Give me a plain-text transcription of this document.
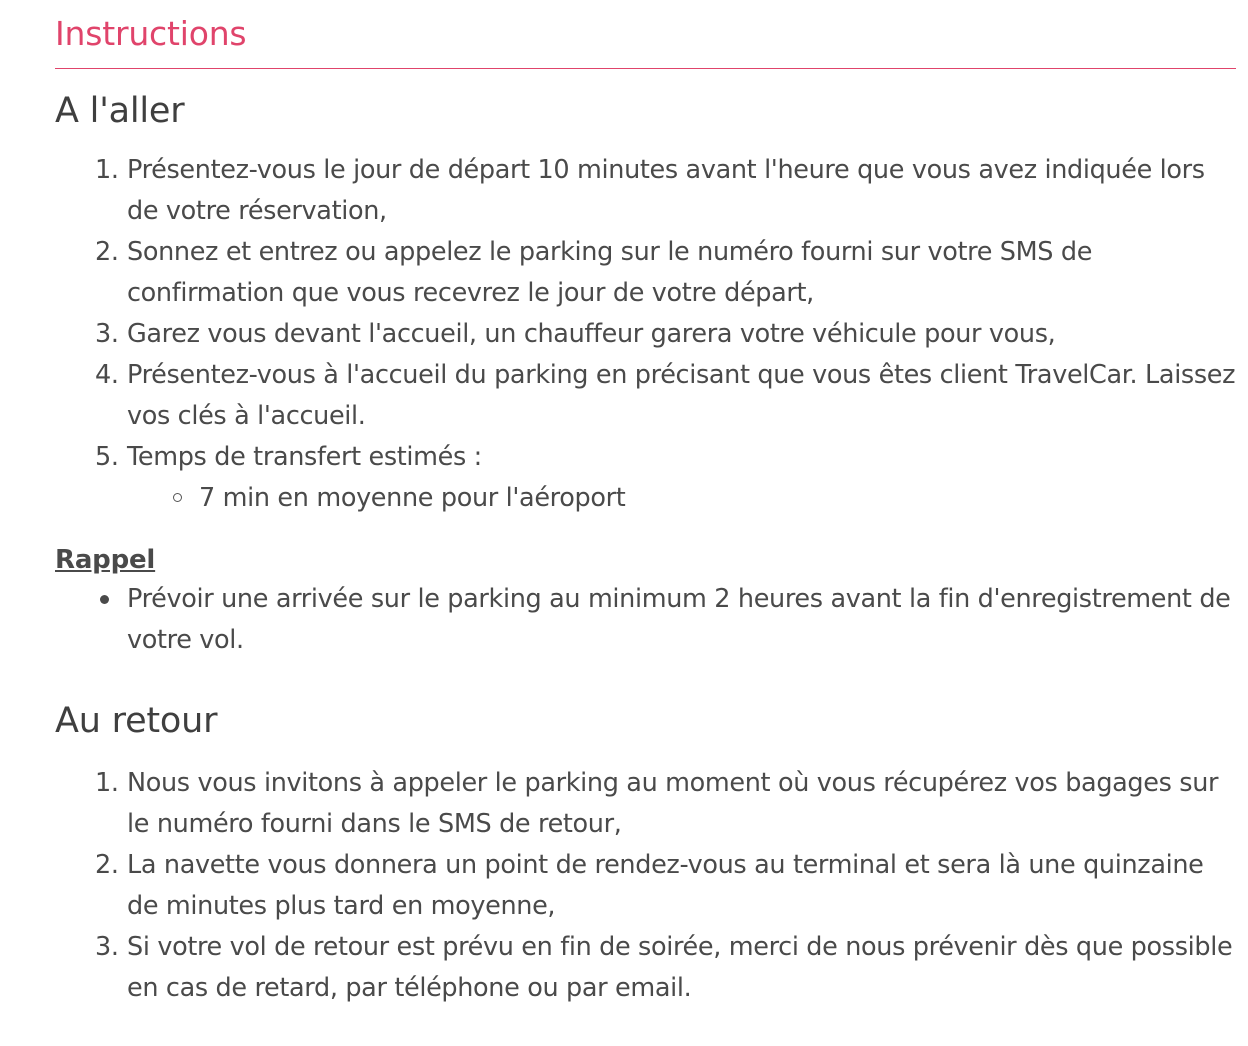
Instructions
A l'aller
1. Présentez-vous le jour de départ 10 minutes avant l'heure que vous avez indiquée lors de votre réservation,
2. Sonnez et entrez ou appelez le parking sur le numéro fourni sur votre SMS de confirmation que vous recevrez le jour de votre départ,
3. Garez vous devant l'accueil, un chauffeur garera votre véhicule pour vous,
4. Présentez-vous à l'accueil du parking en précisant que vous êtes client TravelCar. Laissez vos clés à l'accueil.
5. Temps de transfert estimés :
7 min en moyenne pour l'aéroport
Rappel
Prévoir une arrivée sur le parking au minimum 2 heures avant la fin d'enregistrement de votre vol.
Au retour
1. Nous vous invitons à appeler le parking au moment où vous récupérez vos bagages sur le numéro fourni dans le SMS de retour,
2. La navette vous donnera un point de rendez-vous au terminal et sera là une quinzaine de minutes plus tard en moyenne,
3. Si votre vol de retour est prévu en fin de soirée, merci de nous prévenir dès que possible en cas de retard, par téléphone ou par email.
